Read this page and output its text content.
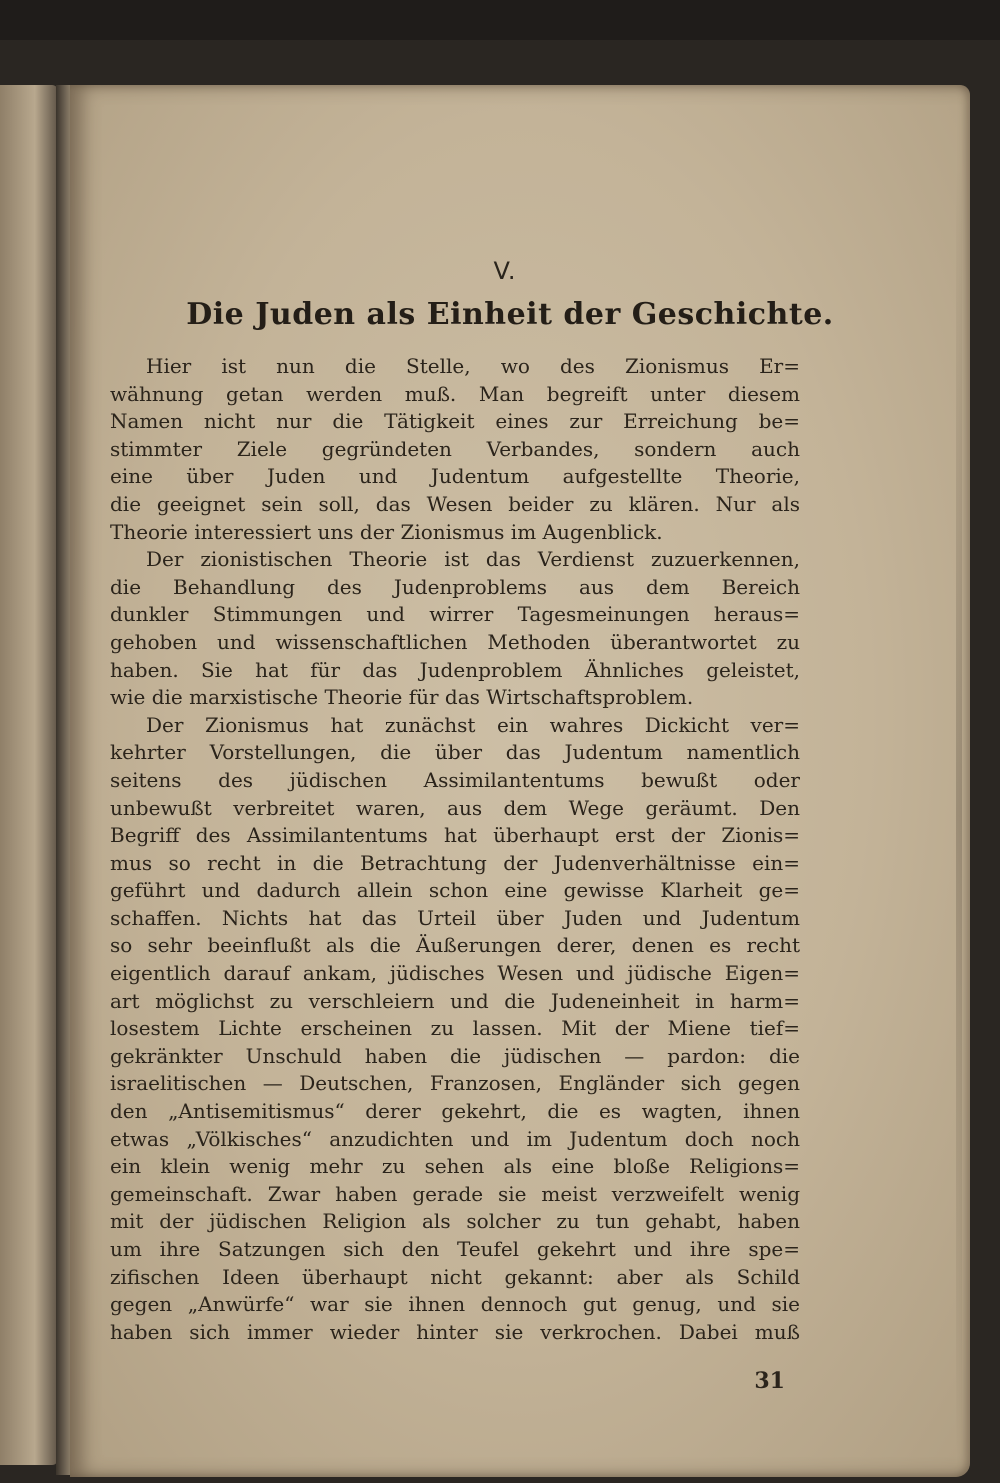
V.
Die Juden als Einheit der Geschichte.
Hier ist nun die Stelle, wo des Zionismus Er=
wähnung getan werden muß. Man begreift unter diesem
Namen nicht nur die Tätigkeit eines zur Erreichung be=
stimmter Ziele gegründeten Verbandes, sondern auch
eine über Juden und Judentum aufgestellte Theorie,
die geeignet sein soll, das Wesen beider zu klären. Nur als
Theorie interessiert uns der Zionismus im Augenblick.
Der zionistischen Theorie ist das Verdienst zuzuerkennen,
die Behandlung des Judenproblems aus dem Bereich
dunkler Stimmungen und wirrer Tagesmeinungen heraus=
gehoben und wissenschaftlichen Methoden überantwortet zu
haben. Sie hat für das Judenproblem Ähnliches geleistet,
wie die marxistische Theorie für das Wirtschaftsproblem.
Der Zionismus hat zunächst ein wahres Dickicht ver=
kehrter Vorstellungen, die über das Judentum namentlich
seitens des jüdischen Assimilantentums bewußt oder
unbewußt verbreitet waren, aus dem Wege geräumt. Den
Begriff des Assimilantentums hat überhaupt erst der Zionis=
mus so recht in die Betrachtung der Judenverhältnisse ein=
geführt und dadurch allein schon eine gewisse Klarheit ge=
schaffen. Nichts hat das Urteil über Juden und Judentum
so sehr beeinflußt als die Äußerungen derer, denen es recht
eigentlich darauf ankam, jüdisches Wesen und jüdische Eigen=
art möglichst zu verschleiern und die Judeneinheit in harm=
losestem Lichte erscheinen zu lassen. Mit der Miene tief=
gekränkter Unschuld haben die jüdischen — pardon: die
israelitischen — Deutschen, Franzosen, Engländer sich gegen
den „Antisemitismus“ derer gekehrt, die es wagten, ihnen
etwas „Völkisches“ anzudichten und im Judentum doch noch
ein klein wenig mehr zu sehen als eine bloße Religions=
gemeinschaft. Zwar haben gerade sie meist verzweifelt wenig
mit der jüdischen Religion als solcher zu tun gehabt, haben
um ihre Satzungen sich den Teufel gekehrt und ihre spe=
zifischen Ideen überhaupt nicht gekannt: aber als Schild
gegen „Anwürfe“ war sie ihnen dennoch gut genug, und sie
haben sich immer wieder hinter sie verkrochen. Dabei muß
31
